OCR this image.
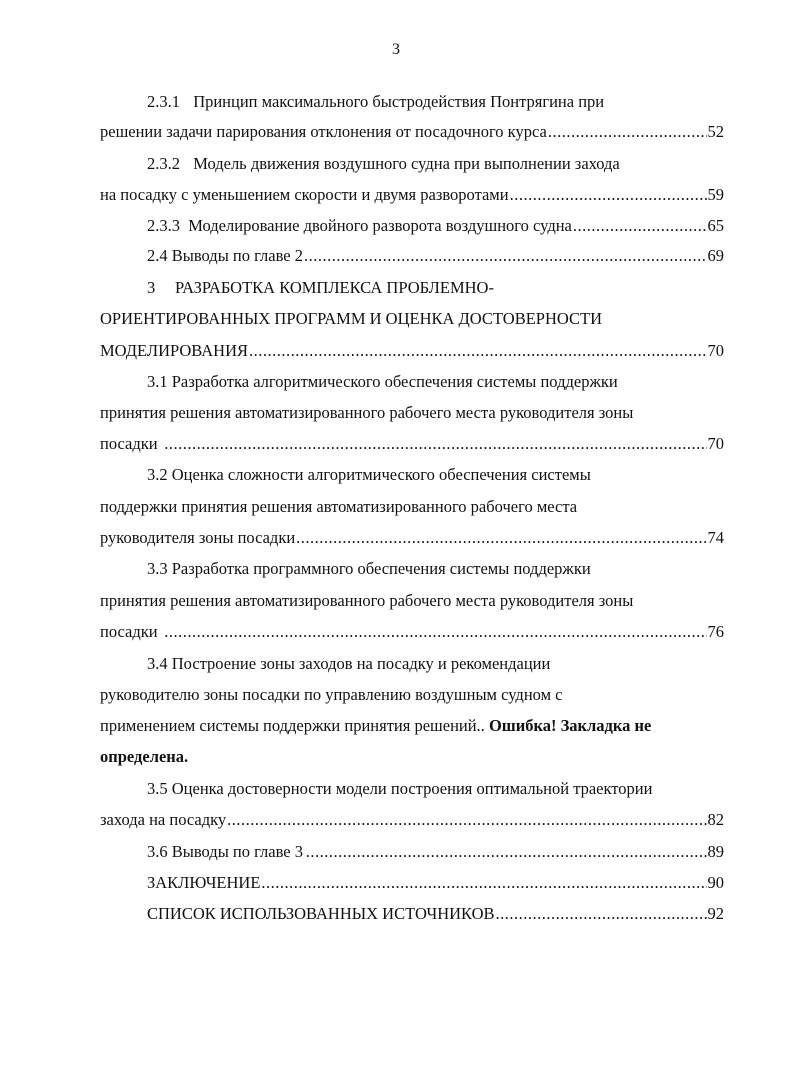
3
2.3.1
Принцип максимального быстродействия Понтрягина при
решении задачи парирования отклонения от посадочного курса .....	52
2.3.2
Модель движения воздушного судна при выполнении захода
на посадку с уменьшением скорости и двумя разворотами .....	59
2.3.3
Моделирование двойного разворота воздушного судна .....	65
2.4 Выводы по главе 2 .....	69
3	РАЗРАБОТКА КОМПЛЕКСА ПРОБЛЕМНО-
ОРИЕНТИРОВАННЫХ ПРОГРАММ И ОЦЕНКА ДОСТОВЕРНОСТИ
МОДЕЛИРОВАНИЯ .....	70
3.1 Разработка алгоритмического обеспечения системы поддержки
принятия решения автоматизированного рабочего места руководителя зоны
посадки .....	70
3.2 Оценка сложности алгоритмического обеспечения системы
поддержки принятия решения автоматизированного рабочего места
руководителя зоны посадки .....	74
3.3 Разработка программного обеспечения системы поддержки
принятия решения автоматизированного рабочего места руководителя зоны
посадки .....	76
3.4 Построение зоны заходов на посадку и рекомендации
руководителю зоны посадки по управлению воздушным судном с
применением системы поддержки принятия решений..
Ошибка! Закладка не
определена.
3.5 Оценка достоверности модели построения оптимальной траектории
захода на посадку .....	82
3.6 Выводы по главе 3 .....	89
ЗАКЛЮЧЕНИЕ .....	90
СПИСОК ИСПОЛЬЗОВАННЫХ ИСТОЧНИКОВ .....	92
